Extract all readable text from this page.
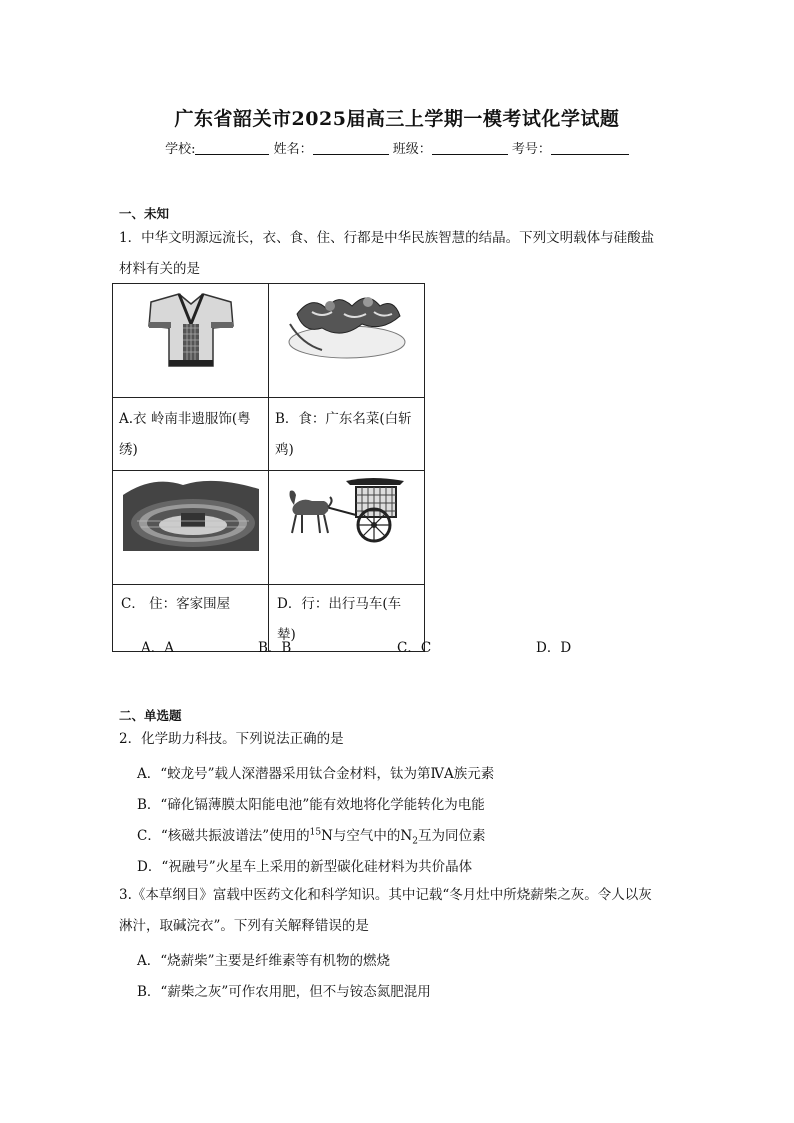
广东省韶关市2025届高三上学期一模考试化学试题
学校:	姓名：	班级：	考号：
一、未知
1．中华文明源远流长，衣、食、住、行都是中华民族智慧的结晶。下列文明载体与硅酸盐
材料有关的是

A.衣 岭南非遗服饰(粤绣)	B．食：广东名菜(白斩鸡)

C． 住：客家围屋	D．行：出行马车(车辇)
A．A	B．B	C．C	D．D
二、单选题
2．化学助力科技。下列说法正确的是
A．“蛟龙号”载人深潜器采用钛合金材料，钛为第ⅣA族元素
B．“碲化镉薄膜太阳能电池”能有效地将化学能转化为电能
C．“核磁共振波谱法”使用的$^{15}$N与空气中的$N_2$互为同位素
D．“祝融号”火星车上采用的新型碳化硅材料为共价晶体
3.《本草纲目》富载中医药文化和科学知识。其中记载“冬月灶中所烧薪柴之灰。令人以灰
淋汁，取碱浣衣”。下列有关解释错误的是
A．“烧薪柴”主要是纤维素等有机物的燃烧
B．“薪柴之灰”可作农用肥，但不与铵态氮肥混用
